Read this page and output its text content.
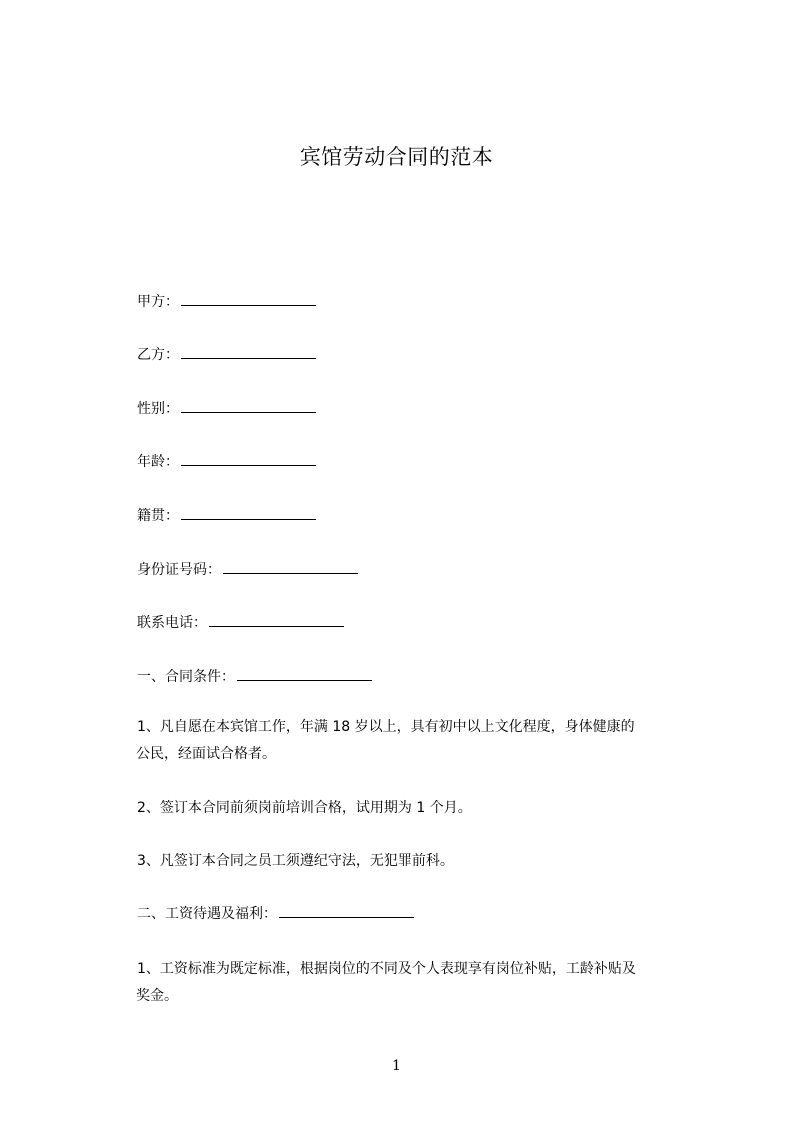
宾馆劳动合同的范本
甲方：
乙方：
性别：
年龄：
籍贯：
身份证号码：
联系电话：
一、合同条件：
1、凡自愿在本宾馆工作，年满 18 岁以上，具有初中以上文化程度，身体健康的
公民，经面试合格者。
2、签订本合同前须岗前培训合格，试用期为 1 个月。
3、凡签订本合同之员工须遵纪守法，无犯罪前科。
二、工资待遇及福利：
1、工资标准为既定标准，根据岗位的不同及个人表现享有岗位补贴，工龄补贴及
奖金。
1
